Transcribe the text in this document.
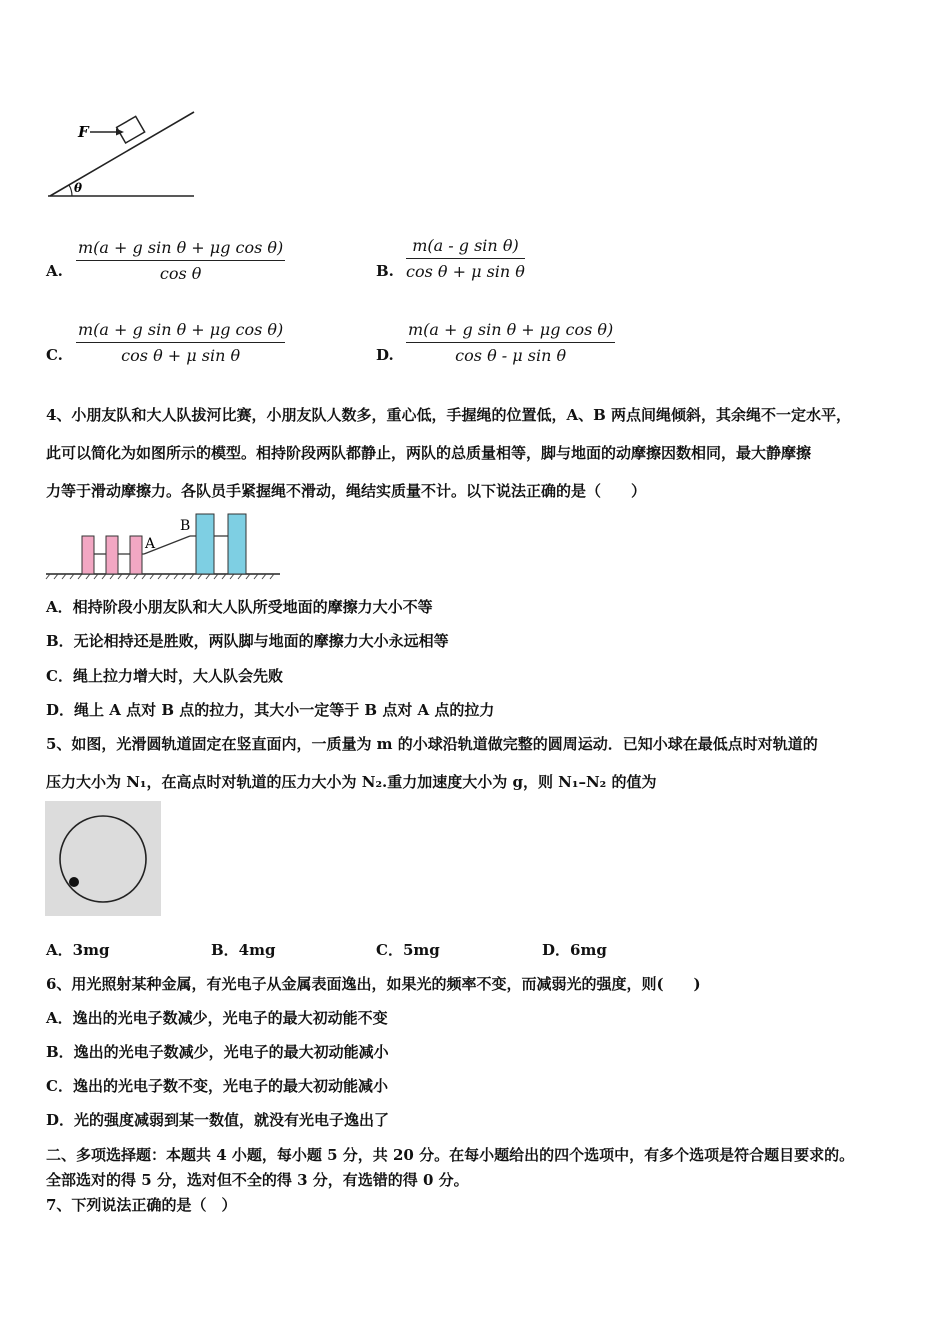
F
θ
A. $\frac{\text{m(a + g sin θ + μg cos θ)}}{\text{cos θ}}$	B. $\frac{\text{m(a - g sin θ)}}{\text{cos θ + μ sin θ}}$
C. $\frac{\text{m(a + g sin θ + μg cos θ)}}{\text{cos θ + μ sin θ}}$	D. $\frac{\text{m(a + g sin θ + μg cos θ)}}{\text{cos θ - μ sin θ}}$
4、小朋友队和大人队拔河比赛，小朋友队人数多，重心低，手握绳的位置低，A、B 两点间绳倾斜，其余绳不一定水平，
此可以简化为如图所示的模型。相持阶段两队都静止，两队的总质量相等，脚与地面的动摩擦因数相同，最大静摩擦
力等于滑动摩擦力。各队员手紧握绳不滑动，绳结实质量不计。以下说法正确的是（　　）
A
B
A．相持阶段小朋友队和大人队所受地面的摩擦力大小不等
B．无论相持还是胜败，两队脚与地面的摩擦力大小永远相等
C．绳上拉力增大时，大人队会先败
D．绳上 A 点对 B 点的拉力，其大小一定等于 B 点对 A 点的拉力
5、如图，光滑圆轨道固定在竖直面内，一质量为 m 的小球沿轨道做完整的圆周运动．已知小球在最低点时对轨道的
压力大小为 N₁，在高点时对轨道的压力大小为 N₂.重力加速度大小为 g，则 N₁–N₂ 的值为
A．3mg	B．4mg	C．5mg	D．6mg
6、用光照射某种金属，有光电子从金属表面逸出，如果光的频率不变，而减弱光的强度，则(　　)
A．逸出的光电子数减少，光电子的最大初动能不变
B．逸出的光电子数减少，光电子的最大初动能减小
C．逸出的光电子数不变，光电子的最大初动能减小
D．光的强度减弱到某一数值，就没有光电子逸出了
二、多项选择题：本题共 4 小题，每小题 5 分，共 20 分。在每小题给出的四个选项中，有多个选项是符合题目要求的。
全部选对的得 5 分，选对但不全的得 3 分，有选错的得 0 分。
7、下列说法正确的是（　）
